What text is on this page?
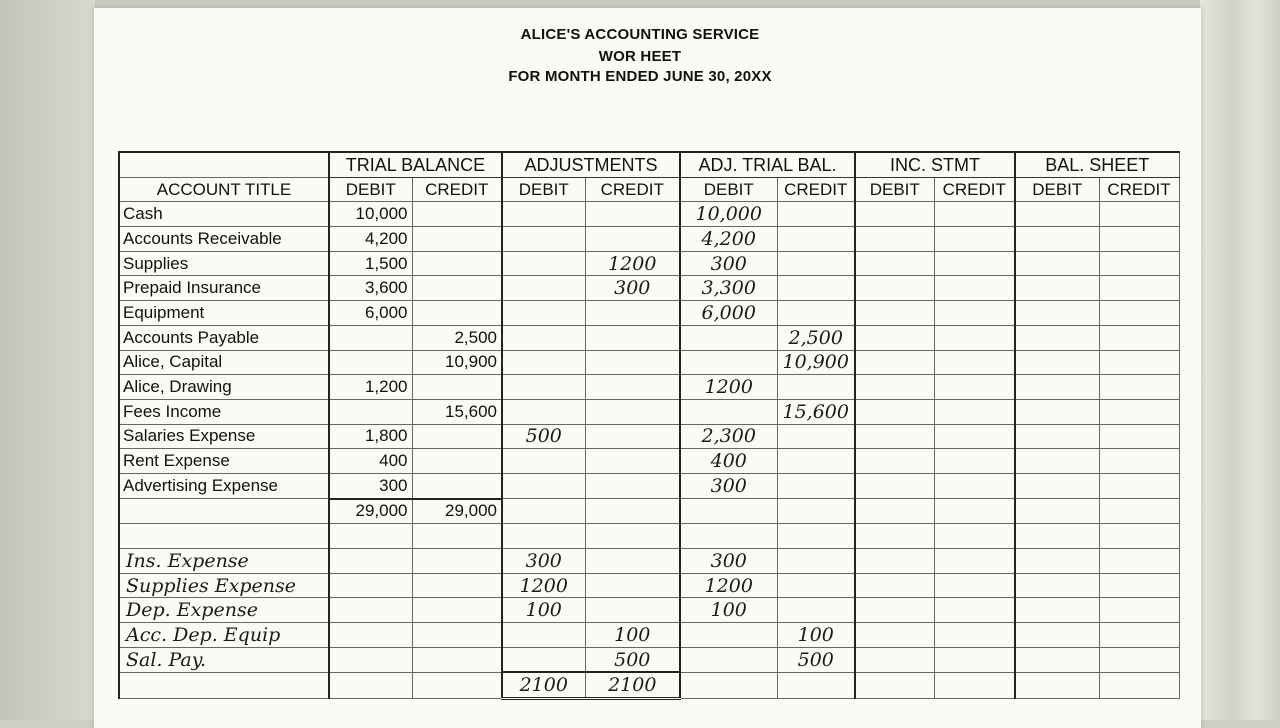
ALICE'S ACCOUNTING SERVICE
WOR HEET
FOR MONTH ENDED JUNE 30, 20XX
	TRIAL BALANCE		ADJUSTMENTS		ADJ. TRIAL BAL.		INC. STMT		BAL. SHEET
ACCOUNT TITLE	DEBIT	CREDIT	DEBIT	CREDIT	DEBIT	CREDIT	DEBIT	CREDIT	DEBIT	CREDIT
Cash	10,000				10,000					
Accounts Receivable	4,200				4,200					
Supplies	1,500			1200	300					
Prepaid Insurance	3,600			300	3,300					
Equipment	6,000				6,000					
Accounts Payable		2,500				2,500				
Alice, Capital		10,900				10,900				
Alice, Drawing	1,200				1200					
Fees Income		15,600				15,600				
Salaries Expense	1,800		500		2,300					
Rent Expense	400				400					
Advertising Expense	300				300					
	29,000	29,000								

Ins. Expense			300		300					
Supplies Expense			1200		1200					
Dep. Expense			100		100					
Acc. Dep. Equip				100		100				
Sal. Pay.				500		500				
			2100	2100						
